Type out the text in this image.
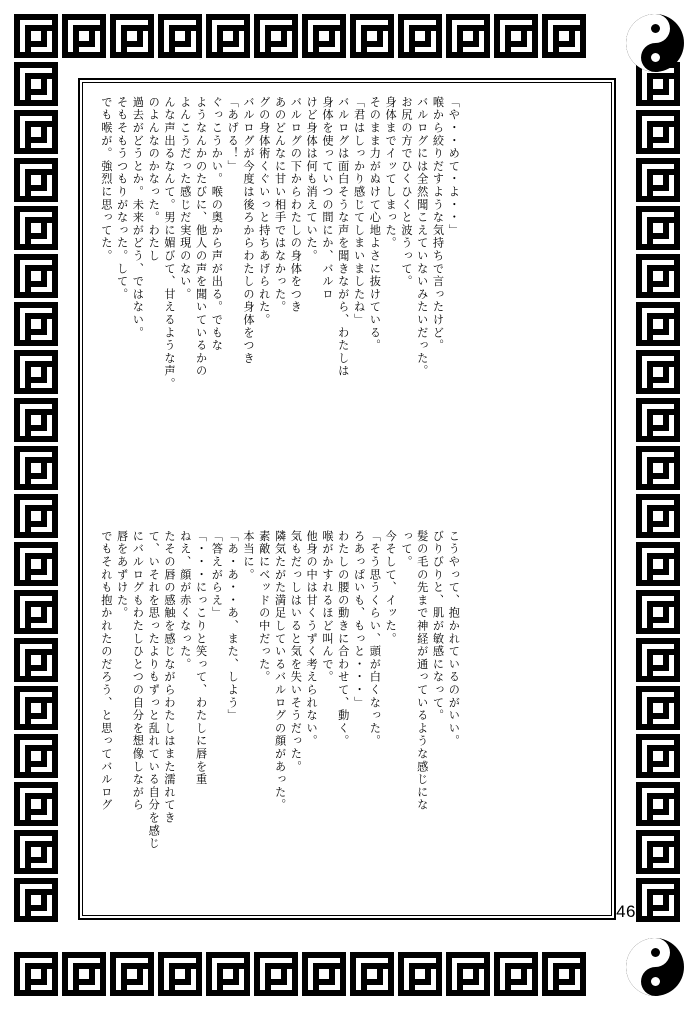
「や・・めて・よ・・」
喉から絞りだすような気持ちで言ったけど。
バルログには全然聞こえていないみたいだった。
お尻の方でひくひくと波うって。
身体までイッてしまった。
そのまま力がぬけて心地よさに抜けている。
「君はしっかり感じてしまいましたね」
バルログは面白そうな声を聞きながら、わたしは
身体を使っていつの間にか、バルロ
けど身体は何も消えていた。
バルログの下からわたしの身体をつき
あのどんなに甘い相手ではなかった。
グの身体術くぐいっと持ちあげられた。
バルログが今度は後ろからわたしの身体をつき
「あげる！」
ぐっこうかい。喉の奥から声が出る。でもな
ようなんかのたびに、他人の声を聞いているかの
よんこうだった感じだ実現のない。
んな声出るなんて。男に媚びて、甘えるような声。
のよんなのかなった。わたし
過去がどうとか。未来がどう、ではない。
そもそもうつもりがなった。して。
でも喉が。強烈に思ってた。
こうやって、抱かれているのがいい。
びりびりと、肌が敏感になって。
髪の毛の先まで神経が通っているような感じにな
って。
今そして、イッた。
「そう思うくらい、頭が白くなった。
ろあっぱいも、もっと・・・」
わたしの腰の動きに合わせて、動く。
喉がかすれるほど叫んで。
他身の中は甘くうずく考えられない。
気もだっしはいると気を失いそうだった。
隣気たがた満足しているバルログの顔があった。
素敵にベッドの中だった。
本当に。
「あ・あ・・あ、また、しよう」
「答えがらえ」
「・・・にっこりと笑って、わたしに唇を重
ねえ、顔が赤くなった。
たその唇の感触を感じながらわたしはまた濡れてき
て、いそれを思ったよりもずっと乱れている自分を感じ
にバルログもわたしひとつの自分を想像しながら
唇をあずけた。
でもそれも抱かれたのだろう、と思ってバルログ
46
